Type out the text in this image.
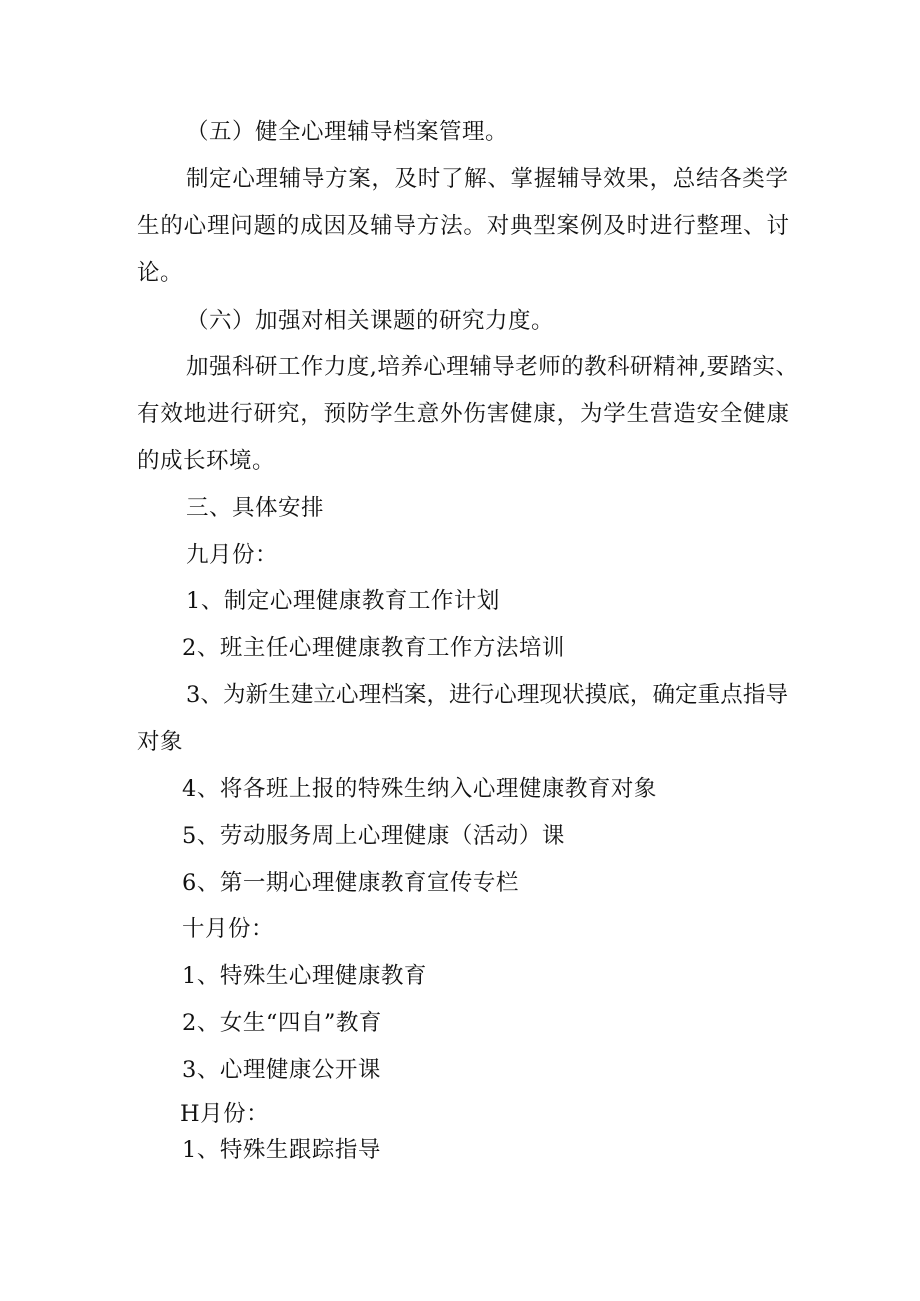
（五）健全心理辅导档案管理。
制定心理辅导方案，及时了解、掌握辅导效果，总结各类学
生的心理问题的成因及辅导方法。对典型案例及时进行整理、讨
论。
（六）加强对相关课题的研究力度。
加强科研工作力度,培养心理辅导老师的教科研精神,要踏实、
有效地进行研究，预防学生意外伤害健康，为学生营造安全健康
的成长环境。
三、具体安排
九月份：
1、制定心理健康教育工作计划
2、班主任心理健康教育工作方法培训
3、为新生建立心理档案，进行心理现状摸底，确定重点指导
对象
4、将各班上报的特殊生纳入心理健康教育对象
5、劳动服务周上心理健康（活动）课
6、第一期心理健康教育宣传专栏
十月份：
1、特殊生心理健康教育
2、女生“四自”教育
3、心理健康公开课
H月份：
1、特殊生跟踪指导
